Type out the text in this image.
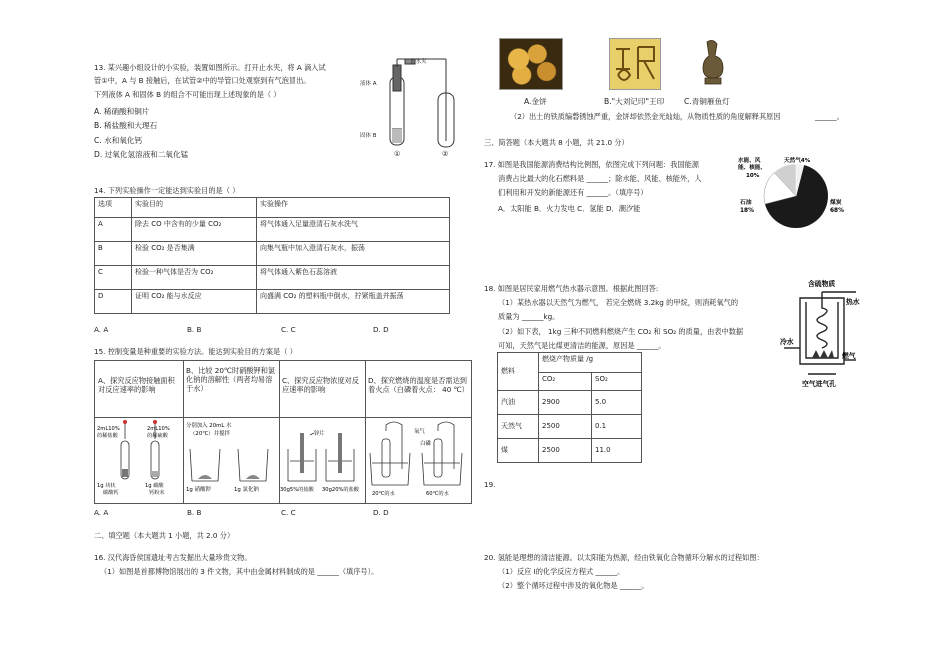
13. 某兴趣小组设计的小实验，装置如图所示。打开止水夹，将 A 滴入试
管①中，A 与 B 接触后，在试管②中的导管口处观察到有气泡冒出。
下列液体 A 和固体 B 的组合不可能出现上述现象的是（ ）
A. 稀硝酸和铜片
B. 稀盐酸和大理石
C. 水和氧化钙
D. 过氧化氢溶液和二氧化锰
液体 A
止水夹
固体 B
①	②
14. 下列实验操作一定能达到实验目的是（ ）
选项	实验目的	实验操作
A	除去 CO 中含有的少量 CO₂	将气体通入足量澄清石灰水洗气
B	检验 CO₂ 是否集满	向集气瓶中加入澄清石灰水，振荡
C	检验一种气体是否为 CO₂	将气体通入紫色石蕊溶液
D	证明 CO₂ 能与水反应	向盛满 CO₂ 的塑料瓶中倒水，拧紧瓶盖并振荡
A. A	B. B	C. C	D. D
15. 控制变量是种重要的实验方法。能达到实验目的方案是（ ）
A、探究反应物接触面积对反应速率的影响
B、比较 20℃时硝酸钾和氯化钠的溶解性（两者均易溶于水）
C、探究反应物浓度对反应速率的影响
D、探究燃烧的温度是否需达到着火点（白磷着火点： 40 ℃）
2mL10%
的稀盐酸
2mL10%
的稀硫酸
1g 块状
碳酸钙
1g 碳酸
钙粉末
分别加入 20mL 水
（20℃）并搅拌
1g 硝酸钾	1g 氯化钠
锌片
30g5%的盐酸 30g20%的盐酸
氧气
白磷
20℃的水	60℃的水
A. A	B. B	C. C	D. D
二、填空题（本大题共 1 小题，共 2.0 分）
16. 汉代海昏侯国遗址考古发掘出大量珍贵文物。
（1）如图是首都博物馆展出的 3 件文物，其中由金属材料制成的是 ______（填序号）。
A.金饼	B."大刘记印"王印	C.青铜雁鱼灯
（2）出土的铁质编磬锈蚀严重，金饼却依然金光灿灿，从物质性质的角度解释其原因	______。
三、简答题（本大题共 8 小题，共 21.0 分）
17. 如图是我国能源消费结构比例图，依图完成下列问题：我国能源
消费占比最大的化石燃料是 ______；除水能、风能、核能外，人
们利用和开发的新能源还有 ______。（填序号）
A．太阳能 B．火力发电 C．氢能 D．潮汐能
水能、风
能、核能、
10%
天然气4%
石油
18%
煤炭
68%
18. 如图是居民家用燃气热水器示意图。根据此图回答:
（1）某热水器以天然气为燃气， 若完全燃烧 3.2kg 的甲烷，则消耗氧气的
质量为 ______kg。
（2）如下表， 1kg 三种不同燃料燃烧产生 CO₂ 和 SO₂ 的质量，由表中数据
可知，天然气是比煤更清洁的能源，原因是 ______。
含硫物质
热水
冷水
燃气
空气进气孔
燃料	燃烧产物质量 /g	
	CO₂	SO₂
汽油	2900	5.0
天然气	2500	0.1
煤	2500	11.0
19.
20. 氢能是理想的清洁能源。以太阳能为热源，经由铁氧化合物循环分解水的过程如图：
（1）反应 Ⅰ的化学反应方程式 ______。
（2）整个循环过程中涉及的氧化物是 ______。
